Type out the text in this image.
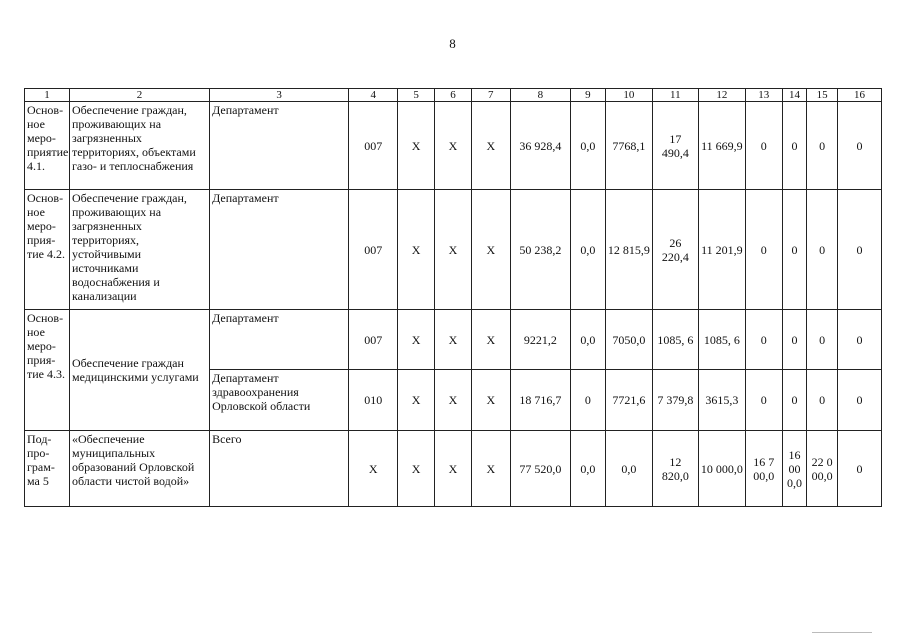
8
1	2	3	4	5	6	7	8	9	10	11	12	13	14	15	16
Основ-ное меро-приятие 4.1.	Обеспечение граждан, проживающих на загрязненных территориях, объектами газо- и теплоснабжения	Департамент	007	X	X	X	36 928,4	0,0	7768,1	17 490,4	11 669,9	0	0	0	0
Основ-ное меро-прия-тие 4.2.	Обеспечение граждан, проживающих на загрязненных территориях, устойчивыми источниками водоснабжения и канализации	Департамент	007	X	X	X	50 238,2	0,0	12 815,9	26 220,4	11 201,9	0	0	0	0
Основ-ное меро-прия-тие 4.3.	Обеспечение граждан медицинскими услугами	Департамент	007	X	X	X	9221,2	0,0	7050,0	1085, 6	1085, 6	0	0	0	0
		Департамент здравоохранения Орловской области	010	X	X	X	18 716,7	0	7721,6	7 379,8	3615,3	0	0	0	0
Под-про-грам-ма 5	«Обеспечение муниципальных образований Орловской области чистой водой»	Всего	X	X	X	X	77 520,0	0,0	0,0	12 820,0	10 000,0	16 7 00,0	16 00 0,0	22 0 00,0	0
